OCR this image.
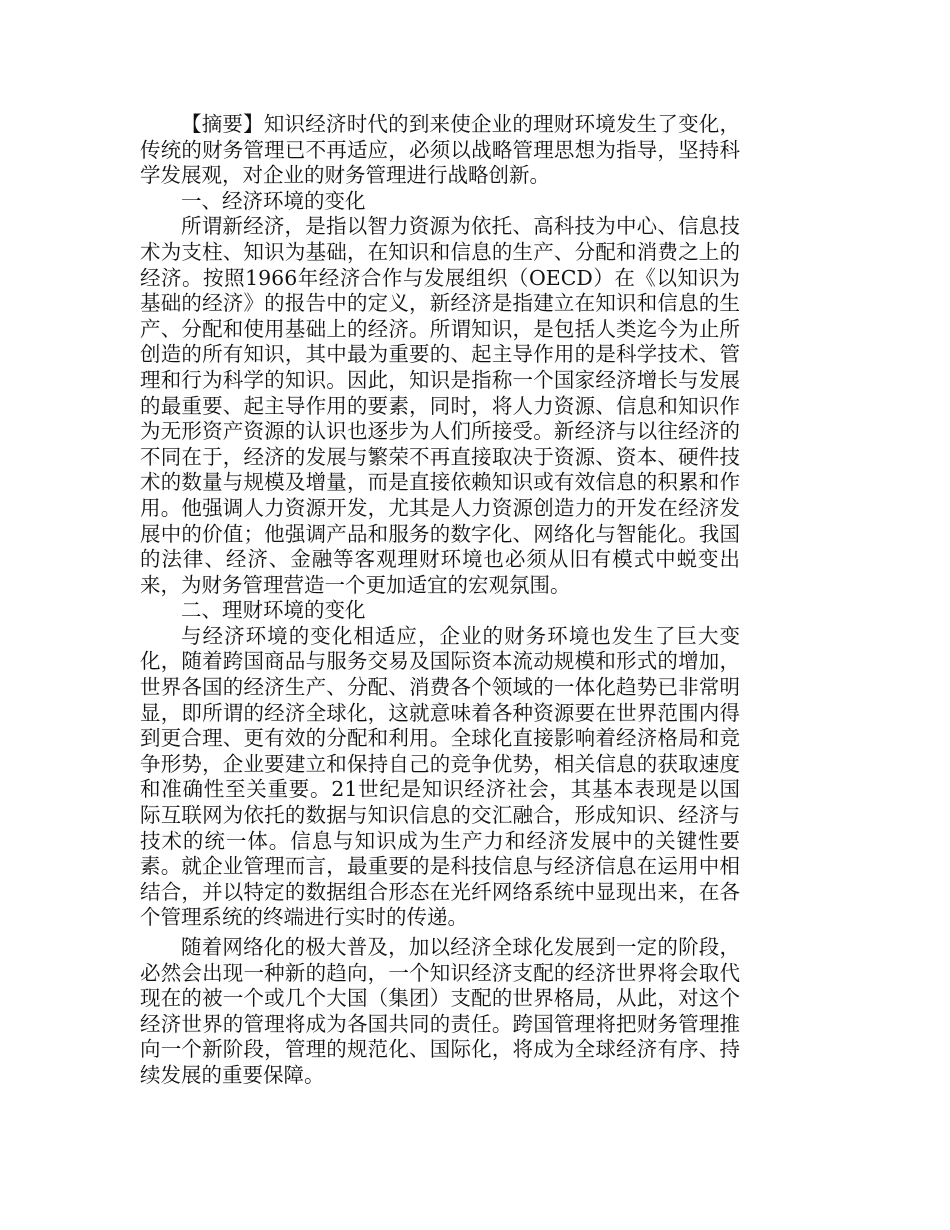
【摘要】知识经济时代的到来使企业的理财环境发生了变化，传统的财务管理已不再适应，必须以战略管理思想为指导，坚持科学发展观，对企业的财务管理进行战略创新。

一、经济环境的变化

所谓新经济，是指以智力资源为依托、高科技为中心、信息技术为支柱、知识为基础，在知识和信息的生产、分配和消费之上的经济。按照1966年经济合作与发展组织（OECD）在《以知识为基础的经济》的报告中的定义，新经济是指建立在知识和信息的生产、分配和使用基础上的经济。所谓知识，是包括人类迄今为止所创造的所有知识，其中最为重要的、起主导作用的是科学技术、管理和行为科学的知识。因此，知识是指称一个国家经济增长与发展的最重要、起主导作用的要素，同时，将人力资源、信息和知识作为无形资产资源的认识也逐步为人们所接受。新经济与以往经济的不同在于，经济的发展与繁荣不再直接取决于资源、资本、硬件技术的数量与规模及增量，而是直接依赖知识或有效信息的积累和作用。他强调人力资源开发，尤其是人力资源创造力的开发在经济发展中的价值；他强调产品和服务的数字化、网络化与智能化。我国的法律、经济、金融等客观理财环境也必须从旧有模式中蜕变出来，为财务管理营造一个更加适宜的宏观氛围。

二、理财环境的变化

与经济环境的变化相适应，企业的财务环境也发生了巨大变化，随着跨国商品与服务交易及国际资本流动规模和形式的增加，世界各国的经济生产、分配、消费各个领域的一体化趋势已非常明显，即所谓的经济全球化，这就意味着各种资源要在世界范围内得到更合理、更有效的分配和利用。全球化直接影响着经济格局和竞争形势，企业要建立和保持自己的竞争优势，相关信息的获取速度和准确性至关重要。21世纪是知识经济社会，其基本表现是以国际互联网为依托的数据与知识信息的交汇融合，形成知识、经济与技术的统一体。信息与知识成为生产力和经济发展中的关键性要素。就企业管理而言，最重要的是科技信息与经济信息在运用中相结合，并以特定的数据组合形态在光纤网络系统中显现出来，在各个管理系统的终端进行实时的传递。

随着网络化的极大普及，加以经济全球化发展到一定的阶段，必然会出现一种新的趋向，一个知识经济支配的经济世界将会取代现在的被一个或几个大国（集团）支配的世界格局，从此，对这个经济世界的管理将成为各国共同的责任。跨国管理将把财务管理推向一个新阶段，管理的规范化、国际化，将成为全球经济有序、持续发展的重要保障。
